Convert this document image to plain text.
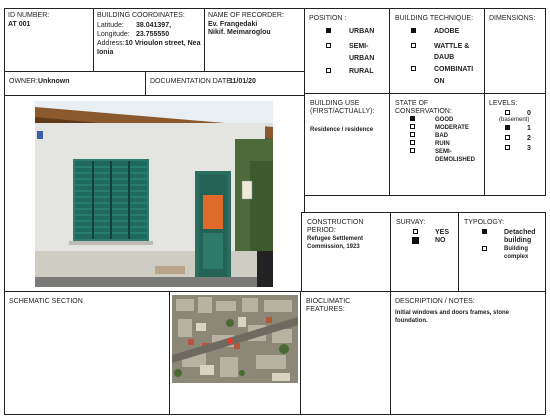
ID NUMBER:
AT 001
BUILDING COORDINATES:
Latitude: 38.041397,
Longitude: 23.755550
Address: 10 Vrioulon street, Nea
Ionia
NAME OF RECORDER:
Ev. Frangedaki
Nikif. Meimaroglou
POSITION :
URBAN
SEMI-
URBAN
RURAL
BUILDING TECHNIQUE:
ADOBE
WATTLE &
DAUB
COMBINATI
ON
DIMENSIONS:
OWNER: Unknown	DOCUMENTATION DATE:
11/01/20
BUILDING USE
(FIRST/ACTUALLY):
Residence / residence
STATE OF
CONSERVATION:
GOOD
MODERATE
BAD
RUIN
SEMI-
DEMOLISHED
LEVELS:
0
(basement)
1
2
3
CONSTRUCTION
PERIOD:
Refugee Settlement
Commission, 1923
SURVAY:
YES
NO
TYPOLOGY:
Detached
building
Building
complex
SCHEMATIC SECTION	BIOCLIMATIC
FEATURES:
DESCRIPTION / NOTES:
Initial windows and doors frames, stone
foundation.
